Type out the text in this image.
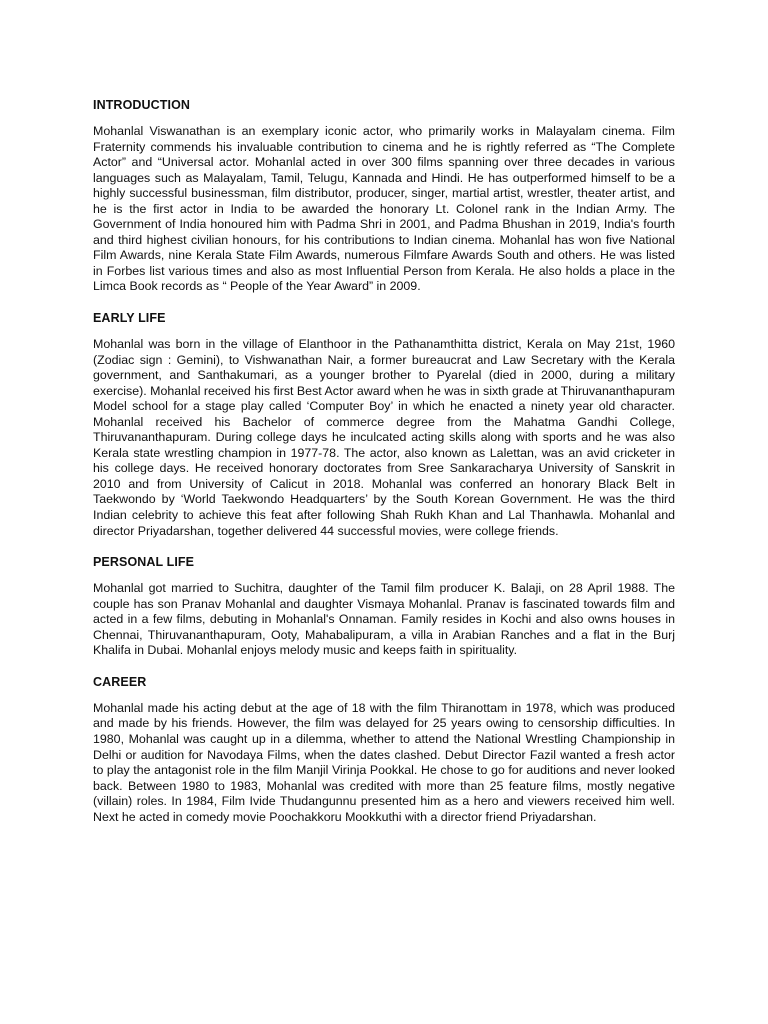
INTRODUCTION
Mohanlal Viswanathan is an exemplary iconic actor, who primarily works in Malayalam cinema. Film Fraternity commends his invaluable contribution to cinema and he is rightly referred as “The Complete Actor” and “Universal actor. Mohanlal acted in over 300 films spanning over three decades in various languages such as Malayalam, Tamil, Telugu, Kannada and Hindi. He has outperformed himself to be a highly successful businessman, film distributor, producer, singer, martial artist, wrestler, theater artist, and he is the first actor in India to be awarded the honorary Lt. Colonel rank in the Indian Army. The Government of India honoured him with Padma Shri in 2001, and Padma Bhushan in 2019, India's fourth and third highest civilian honours, for his contributions to Indian cinema. Mohanlal has won five National Film Awards, nine Kerala State Film Awards, numerous Filmfare Awards South and others. He was listed in Forbes list various times and also as most Influential Person from Kerala. He also holds a place in the Limca Book records as “ People of the Year Award” in 2009.
EARLY LIFE
Mohanlal was born in the village of Elanthoor in the Pathanamthitta district, Kerala on May 21st, 1960 (Zodiac sign : Gemini), to Vishwanathan Nair, a former bureaucrat and Law Secretary with the Kerala government, and Santhakumari, as a younger brother to Pyarelal (died in 2000, during a military exercise). Mohanlal received his first Best Actor award when he was in sixth grade at Thiruvananthapuram Model school for a stage play called ‘Computer Boy’ in which he enacted a ninety year old character. Mohanlal received his Bachelor of commerce degree from the Mahatma Gandhi College, Thiruvananthapuram. During college days he inculcated acting skills along with sports and he was also Kerala state wrestling champion in 1977-78. The actor, also known as Lalettan, was an avid cricketer in his college days. He received honorary doctorates from Sree Sankaracharya University of Sanskrit in 2010 and from University of Calicut in 2018. Mohanlal was conferred an honorary Black Belt in Taekwondo by ‘World Taekwondo Headquarters’ by the South Korean Government. He was the third Indian celebrity to achieve this feat after following Shah Rukh Khan and Lal Thanhawla. Mohanlal and director Priyadarshan, together delivered 44 successful movies, were college friends.
PERSONAL LIFE
Mohanlal got married to Suchitra, daughter of the Tamil film producer K. Balaji, on 28 April 1988. The couple has son Pranav Mohanlal and daughter Vismaya Mohanlal. Pranav is fascinated towards film and acted in a few films, debuting in Mohanlal's Onnaman. Family resides in Kochi and also owns houses in Chennai, Thiruvananthapuram, Ooty, Mahabalipuram, a villa in Arabian Ranches and a flat in the Burj Khalifa in Dubai. Mohanlal enjoys melody music and keeps faith in spirituality.
CAREER
Mohanlal made his acting debut at the age of 18 with the film Thiranottam in 1978, which was produced and made by his friends. However, the film was delayed for 25 years owing to censorship difficulties. In 1980, Mohanlal was caught up in a dilemma, whether to attend the National Wrestling Championship in Delhi or audition for Navodaya Films, when the dates clashed. Debut Director Fazil wanted a fresh actor to play the antagonist role in the film Manjil Virinja Pookkal. He chose to go for auditions and never looked back. Between 1980 to 1983, Mohanlal was credited with more than 25 feature films, mostly negative (villain) roles. In 1984, Film Ivide Thudangunnu presented him as a hero and viewers received him well. Next he acted in comedy movie Poochakkoru Mookkuthi with a director friend Priyadarshan.
